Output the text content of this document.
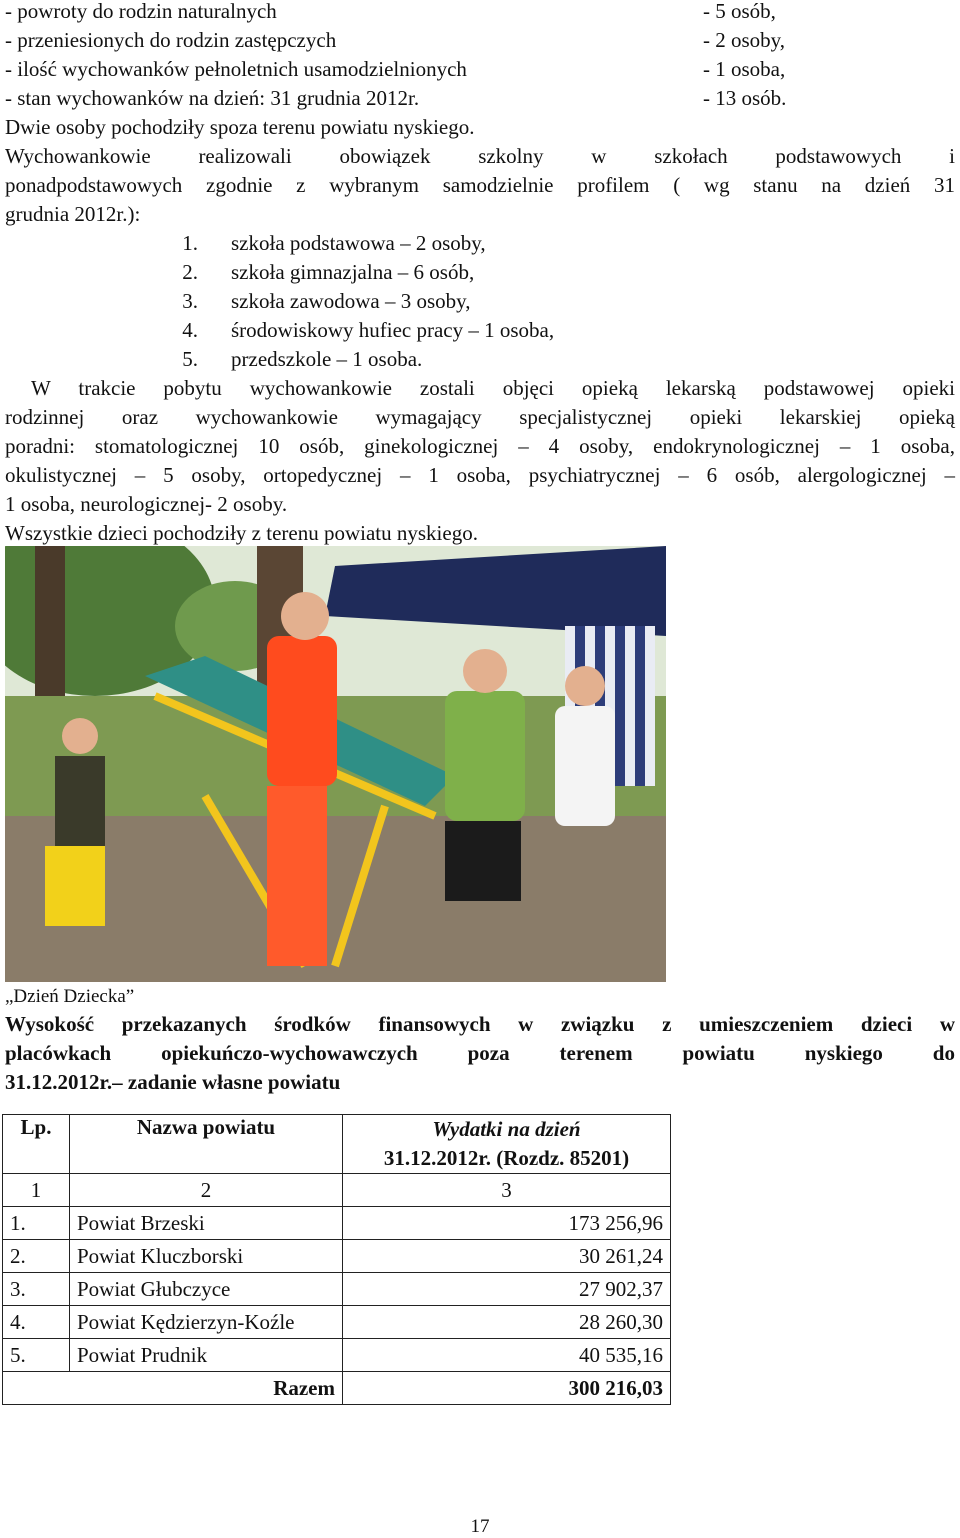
- powroty do rodzin naturalnych	- 5 osób,
- przeniesionych do rodzin zastępczych	- 2 osoby,
- ilość wychowanków pełnoletnich usamodzielnionych	- 1 osoba,
- stan wychowanków na dzień: 31 grudnia 2012r.	- 13 osób.
Dwie osoby pochodziły spoza terenu powiatu nyskiego.
Wychowankowie realizowali obowiązek szkolny w szkołach podstawowych i
ponadpodstawowych zgodnie z wybranym samodzielnie profilem ( wg stanu na dzień 31
grudnia 2012r.):
1. szkoła podstawowa – 2 osoby,
2. szkoła gimnazjalna – 6 osób,
3. szkoła zawodowa – 3 osoby,
4. środowiskowy hufiec pracy – 1 osoba,
5. przedszkole – 1 osoba.
W trakcie pobytu wychowankowie zostali objęci opieką lekarską podstawowej opieki
rodzinnej oraz wychowankowie wymagający specjalistycznej opieki lekarskiej opieką
poradni: stomatologicznej 10 osób, ginekologicznej – 4 osoby, endokrynologicznej – 1 osoba,
okulistycznej – 5 osoby, ortopedycznej – 1 osoba, psychiatrycznej – 6 osób, alergologicznej –
1 osoba, neurologicznej- 2 osoby.
Wszystkie dzieci pochodziły z terenu powiatu nyskiego.
„Dzień Dziecka”
Wysokość przekazanych środków finansowych w związku z umieszczeniem dzieci w
placówkach opiekuńczo-wychowawczych poza terenem powiatu nyskiego do
31.12.2012r.– zadanie własne powiatu
Lp.	Nazwa powiatu	Wydatki na dzień
31.12.2012r. (Rozdz. 85201)

1	2	3
1.	Powiat Brzeski	173 256,96
2.	Powiat Kluczborski	30 261,24
3.	Powiat Głubczyce	27 902,37
4.	Powiat Kędzierzyn-Koźle	28 260,30
5.	Powiat Prudnik	40 535,16
Razem		300 216,03
17
